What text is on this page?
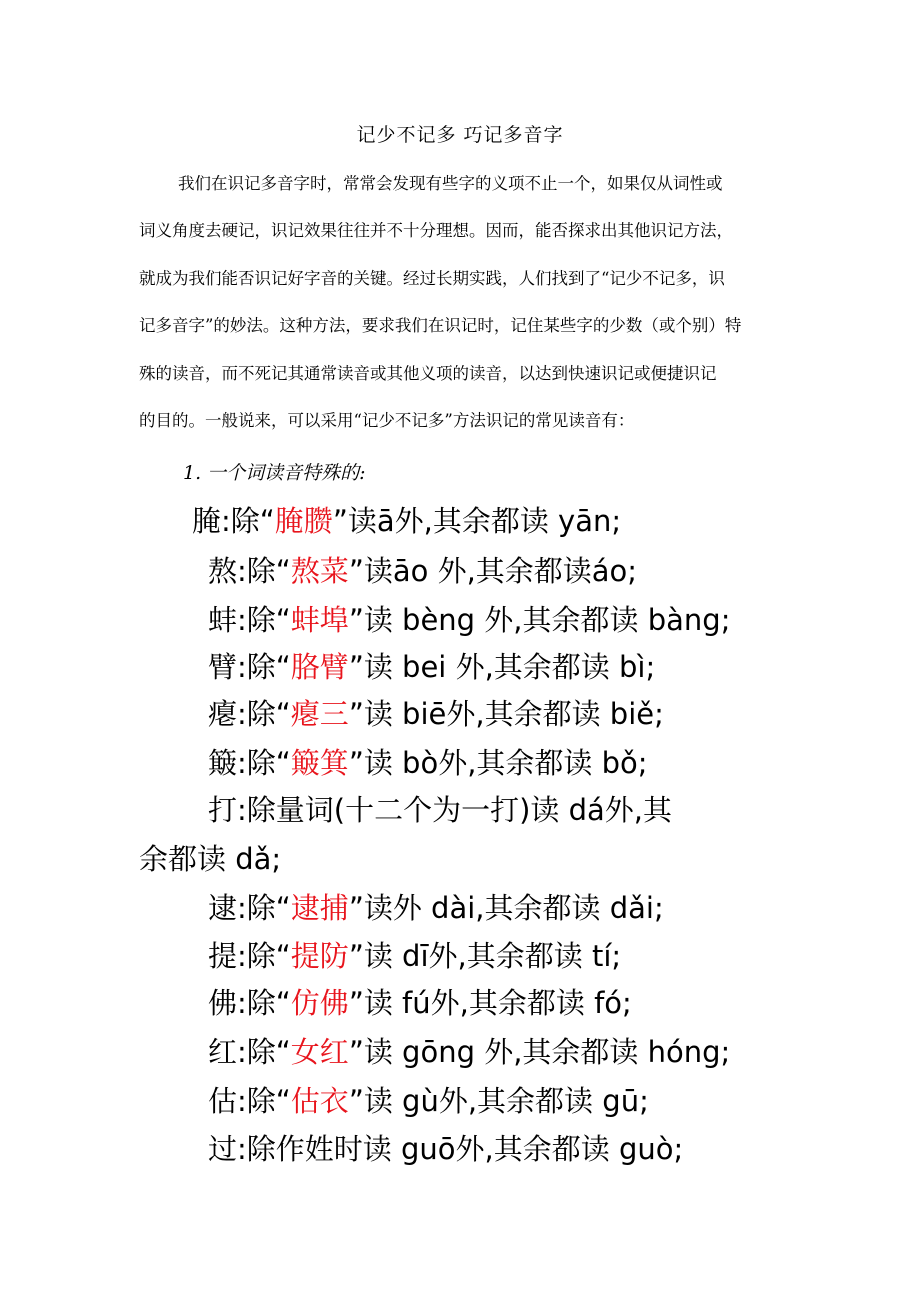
记少不记多 巧记多音字
我们在识记多音字时，常常会发现有些字的义项不止一个，如果仅从词性或
词义角度去硬记，识记效果往往并不十分理想。因而，能否探求出其他识记方法，
就成为我们能否识记好字音的关键。经过长期实践，人们找到了“记少不记多，识
记多音字”的妙法。这种方法，要求我们在识记时，记住某些字的少数（或个别）特
殊的读音，而不死记其通常读音或其他义项的读音，以达到快速识记或便捷识记
的目的。一般说来，可以采用“记少不记多”方法识记的常见读音有：
1. 一个词读音特殊的:
腌:除“腌臜”读ā外,其余都读 yān;
熬:除“熬菜”读āo 外,其余都读áo;
蚌:除“蚌埠”读 bèng 外,其余都读 bàng;
臂:除“胳臂”读 bei 外,其余都读 bì;
瘪:除“瘪三”读 biē外,其余都读 biě;
簸:除“簸箕”读 bò外,其余都读 bǒ;
打:除量词(十二个为一打)读 dá外,其
余都读 dǎ;
逮:除“逮捕”读外 dài,其余都读 dǎi;
提:除“提防”读 dī外,其余都读 tí;
佛:除“仿佛”读 fú外,其余都读 fó;
红:除“女红”读 gōng 外,其余都读 hóng;
估:除“估衣”读 gù外,其余都读 gū;
过:除作姓时读 guō外,其余都读 guò;
